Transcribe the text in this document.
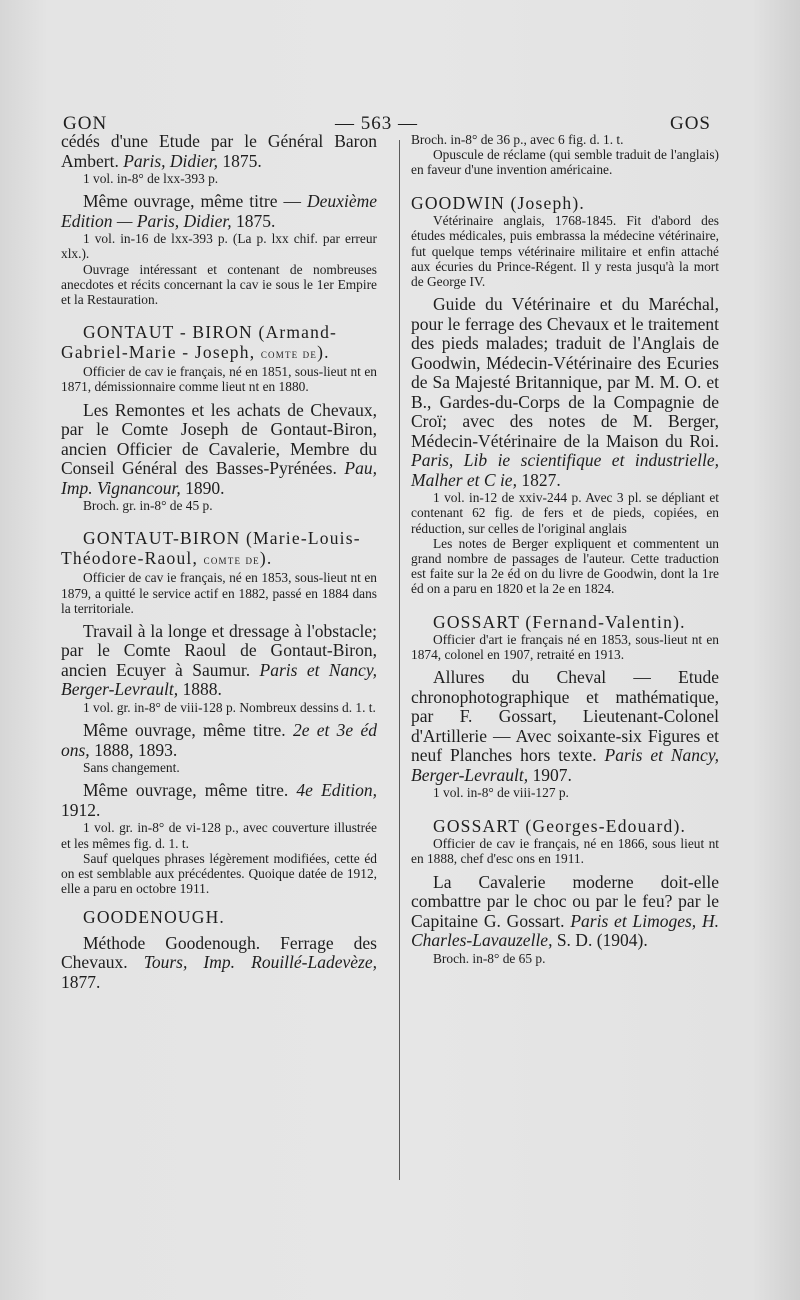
GON	— 563 —	GOS

cédés d'une Etude par le Général Baron Ambert. Paris, Didier, 1875.

1 vol. in-8° de lxx-393 p.

Même ouvrage, même titre — Deuxième Edition — Paris, Didier, 1875.

1 vol. in-16 de lxx-393 p. (La p. lxx chif. par erreur xlx.).

Ouvrage intéressant et contenant de nombreuses anecdotes et récits concernant la cav ie sous le 1er Empire et la Restauration.

GONTAUT - BIRON (Armand-Gabriel-Marie - Joseph, comte de).

Officier de cav ie français, né en 1851, sous-lieut nt en 1871, démissionnaire comme lieut nt en 1880.

Les Remontes et les achats de Chevaux, par le Comte Joseph de Gontaut-Biron, ancien Officier de Cavalerie, Membre du Conseil Général des Basses-Pyrénées. Pau, Imp. Vignancour, 1890.

Broch. gr. in-8° de 45 p.

GONTAUT-BIRON (Marie-Louis-Théodore-Raoul, comte de).

Officier de cav ie français, né en 1853, sous-lieut nt en 1879, a quitté le service actif en 1882, passé en 1884 dans la territoriale.

Travail à la longe et dressage à l'obstacle; par le Comte Raoul de Gontaut-Biron, ancien Ecuyer à Saumur. Paris et Nancy, Berger-Levrault, 1888.

1 vol. gr. in-8° de viii-128 p. Nombreux dessins d. 1. t.

Même ouvrage, même titre. 2e et 3e éd ons, 1888, 1893.

Sans changement.

Même ouvrage, même titre. 4e Edition, 1912.

1 vol. gr. in-8° de vi-128 p., avec couverture illustrée et les mêmes fig. d. 1. t.

Sauf quelques phrases légèrement modifiées, cette éd on est semblable aux précédentes. Quoique datée de 1912, elle a paru en octobre 1911.

GOODENOUGH.

Méthode Goodenough. Ferrage des Chevaux. Tours, Imp. Rouillé-Ladevèze, 1877.

Broch. in-8° de 36 p., avec 6 fig. d. 1. t.

Opuscule de réclame (qui semble traduit de l'anglais) en faveur d'une invention américaine.

GOODWIN (Joseph).

Vétérinaire anglais, 1768-1845. Fit d'abord des études médicales, puis embrassa la médecine vétérinaire, fut quelque temps vétérinaire militaire et enfin attaché aux écuries du Prince-Régent. Il y resta jusqu'à la mort de George IV.

Guide du Vétérinaire et du Maréchal, pour le ferrage des Chevaux et le traitement des pieds malades; traduit de l'Anglais de Goodwin, Médecin-Vétérinaire des Ecuries de Sa Majesté Britannique, par M. M. O. et B., Gardes-du-Corps de la Compagnie de Croï; avec des notes de M. Berger, Médecin-Vétérinaire de la Maison du Roi. Paris, Lib ie scientifique et industrielle, Malher et C ie, 1827.

1 vol. in-12 de xxiv-244 p. Avec 3 pl. se dépliant et contenant 62 fig. de fers et de pieds, copiées, en réduction, sur celles de l'original anglais

Les notes de Berger expliquent et commentent un grand nombre de passages de l'auteur. Cette traduction est faite sur la 2e éd on du livre de Goodwin, dont la 1re éd on a paru en 1820 et la 2e en 1824.

GOSSART (Fernand-Valentin).

Officier d'art ie français né en 1853, sous-lieut nt en 1874, colonel en 1907, retraité en 1913.

Allures du Cheval — Etude chronophotographique et mathématique, par F. Gossart, Lieutenant-Colonel d'Artillerie — Avec soixante-six Figures et neuf Planches hors texte. Paris et Nancy, Berger-Levrault, 1907.

1 vol. in-8° de viii-127 p.

GOSSART (Georges-Edouard).

Officier de cav ie français, né en 1866, sous lieut nt en 1888, chef d'esc ons en 1911.

La Cavalerie moderne doit-elle combattre par le choc ou par le feu? par le Capitaine G. Gossart. Paris et Limoges, H. Charles-Lavauzelle, S. D. (1904).

Broch. in-8° de 65 p.
